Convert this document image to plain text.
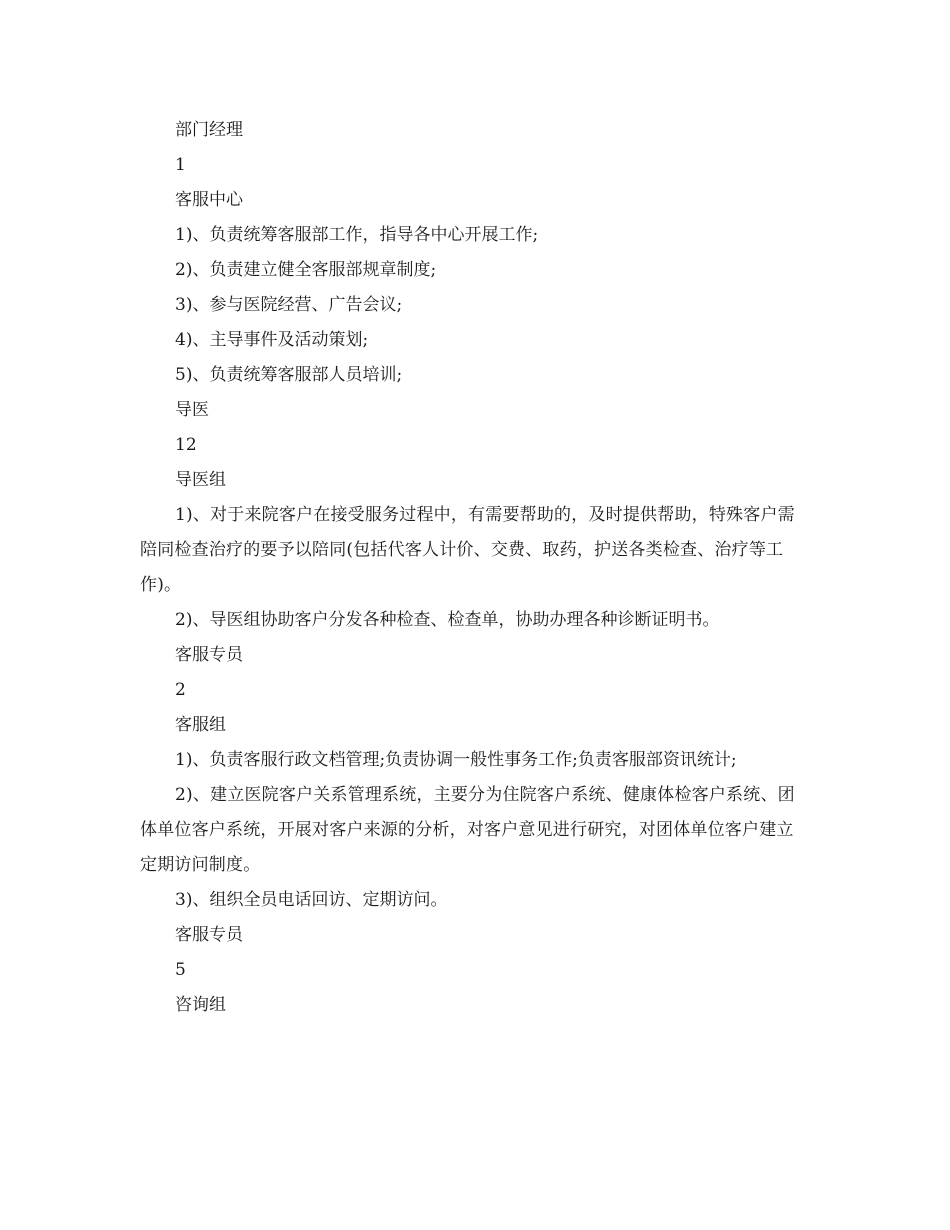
部门经理
1
客服中心
1)、负责统筹客服部工作，指导各中心开展工作;
2)、负责建立健全客服部规章制度;
3)、参与医院经营、广告会议;
4)、主导事件及活动策划;
5)、负责统筹客服部人员培训;
导医
12
导医组
1)、对于来院客户在接受服务过程中，有需要帮助的，及时提供帮助，特殊客户需陪同检查治疗的要予以陪同(包括代客人计价、交费、取药，护送各类检查、治疗等工作)。
2)、导医组协助客户分发各种检查、检查单，协助办理各种诊断证明书。
客服专员
2
客服组
1)、负责客服行政文档管理;负责协调一般性事务工作;负责客服部资讯统计;
2)、建立医院客户关系管理系统，主要分为住院客户系统、健康体检客户系统、团体单位客户系统，开展对客户来源的分析，对客户意见进行研究，对团体单位客户建立定期访问制度。
3)、组织全员电话回访、定期访问。
客服专员
5
咨询组
